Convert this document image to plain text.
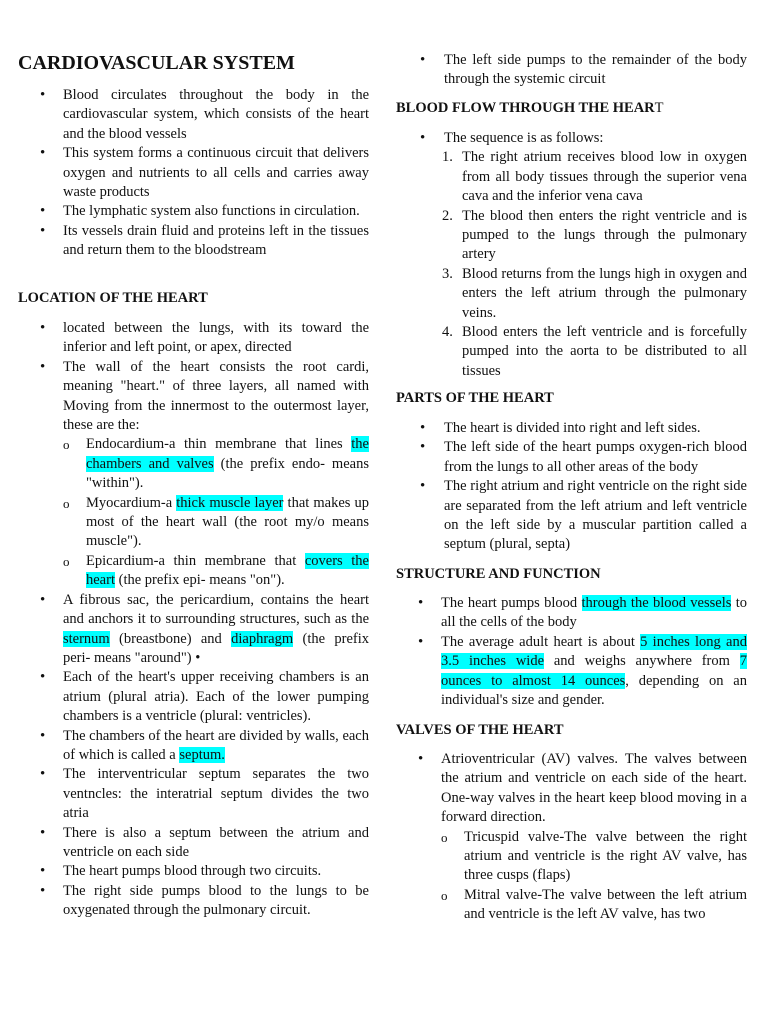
CARDIOVASCULAR SYSTEM
• Blood circulates throughout the body in the cardiovascular system, which consists of the heart and the blood vessels
• This system forms a continuous circuit that delivers oxygen and nutrients to all cells and carries away waste products
• The lymphatic system also functions in circulation.
• Its vessels drain fluid and proteins left in the tissues and return them to the bloodstream
LOCATION OF THE HEART
• located between the lungs, with its toward the inferior and left point, or apex, directed
• The wall of the heart consists the root cardi, meaning "heart." of three layers, all named with Moving from the innermost to the outermost layer, these are the:
o Endocardium-a thin membrane that lines the chambers and valves (the prefix endo- means "within").
o Myocardium-a thick muscle layer that makes up most of the heart wall (the root my/o means muscle").
o Epicardium-a thin membrane that covers the heart (the prefix epi- means "on").
• A fibrous sac, the pericardium, contains the heart and anchors it to surrounding structures, such as the sternum (breastbone) and diaphragm (the prefix peri- means "around") •
• Each of the heart's upper receiving chambers is an atrium (plural atria). Each of the lower pumping chambers is a ventricle (plural: ventricles).
• The chambers of the heart are divided by walls, each of which is called a septum.
• The interventricular septum separates the two ventncles: the interatrial septum divides the two atria
• There is also a septum between the atrium and ventricle on each side
• The heart pumps blood through two circuits.
• The right side pumps blood to the lungs to be oxygenated through the pulmonary circuit.
• The left side pumps to the remainder of the body through the systemic circuit
BLOOD FLOW THROUGH THE HEART
• The sequence is as follows:
1. The right atrium receives blood low in oxygen from all body tissues through the superior vena cava and the inferior vena cava
2. The blood then enters the right ventricle and is pumped to the lungs through the pulmonary artery
3. Blood returns from the lungs high in oxygen and enters the left atrium through the pulmonary veins.
4. Blood enters the left ventricle and is forcefully pumped into the aorta to be distributed to all tissues
PARTS OF THE HEART
• The heart is divided into right and left sides.
• The left side of the heart pumps oxygen-rich blood from the lungs to all other areas of the body
• The right atrium and right ventricle on the right side are separated from the left atrium and left ventricle on the left side by a muscular partition called a septum (plural, septa)
STRUCTURE AND FUNCTION
• The heart pumps blood through the blood vessels to all the cells of the body
• The average adult heart is about 5 inches long and 3.5 inches wide and weighs anywhere from 7 ounces to almost 14 ounces, depending on an individual's size and gender.
VALVES OF THE HEART
• Atrioventricular (AV) valves. The valves between the atrium and ventricle on each side of the heart. One-way valves in the heart keep blood moving in a forward direction.
o Tricuspid valve-The valve between the right atrium and ventricle is the right AV valve, has three cusps (flaps)
o Mitral valve-The valve between the left atrium and ventricle is the left AV valve, has two
